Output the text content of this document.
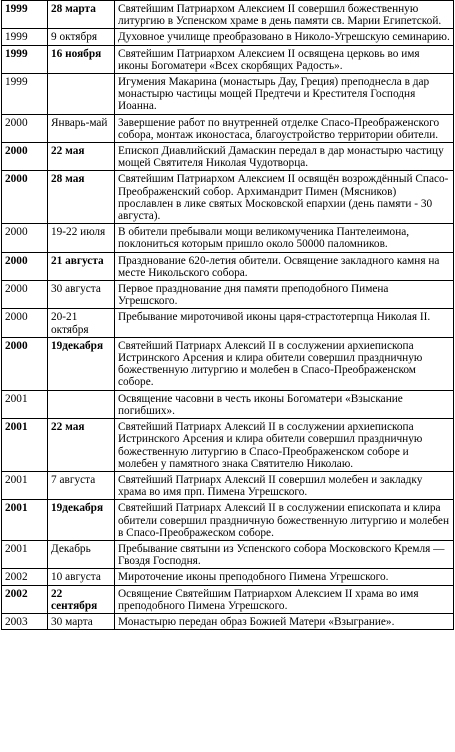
1999	28 марта	Святейшим Патриархом Алексием II совершил божественную литургию в Успенском храме в день памяти св. Марии Египетской.
1999	9 октября	Духовное училище преобразовано в Николо-Угрешскую семинарию.
1999	16 ноября	Святейшим Патриархом Алексием II освящена церковь во имя иконы Богоматери «Всех скорбящих Радость».
1999		Игумения Макарина (монастырь Дау, Греция) преподнесла в дар монастырю частицы мощей Предтечи и Крестителя Господня Иоанна.
2000	Январь-май	Завершение работ по внутренней отделке Спасо-Преображенского собора, монтаж иконостаса, благоустройство территории обители.
2000	22 мая	Епископ Диавлийский Дамаскин передал в дар монастырю частицу мощей Святителя Николая Чудотворца.
2000	28 мая	Святейшим Патриархом Алексием II освящён возрождённый Спасо-Преображенский собор. Архимандрит Пимен (Мясников) прославлен в лике святых Московской епархии (день памяти - 30 августа).
2000	19-22 июля	В обители пребывали мощи великомученика Пантелеимона, поклониться которым пришло около 50000 паломников.
2000	21 августа	Празднование 620-летия обители. Освящение закладного камня на месте Никольского собора.
2000	30 августа	Первое празднование дня памяти преподобного Пимена Угрешского.
2000	20-21 октября	Пребывание мироточивой иконы царя-страстотерпца Николая II.
2000	19декабря	Святейший Патриарх Алексий II в сослужении архиепископа Истринского Арсения и клира обители совершил праздничную божественную литургию и молебен в Спасо-Преображенском соборе.
2001		Освящение часовни в честь иконы Богоматери «Взыскание погибших».
2001	22 мая	Святейший Патриарх Алексий II в сослужении архиепископа Истринского Арсения и клира обители совершил праздничную божественную литургию в Спасо-Преображенском соборе и молебен у памятного знака Святителю Николаю.
2001	7 августа	Святейший Патриарх Алексий II совершил молебен и закладку храма во имя прп. Пимена Угрешского.
2001	19декабря	Святейший Патриарх Алексий II в сослужении епископата и клира обители совершил праздничную божественную литургию и молебен в Спасо-Преображеском соборе.
2001	Декабрь	Пребывание святыни из Успенского собора Московского Кремля — Гвоздя Господня.
2002	10 августа	Мироточение иконы преподобного Пимена Угрешского.
2002	22 сентября	Освящение Святейшим Патриархом Алексием II храма во имя преподобного Пимена Угрешского.
2003	30 марта	Монастырю передан образ Божией Матери «Взыграние».
